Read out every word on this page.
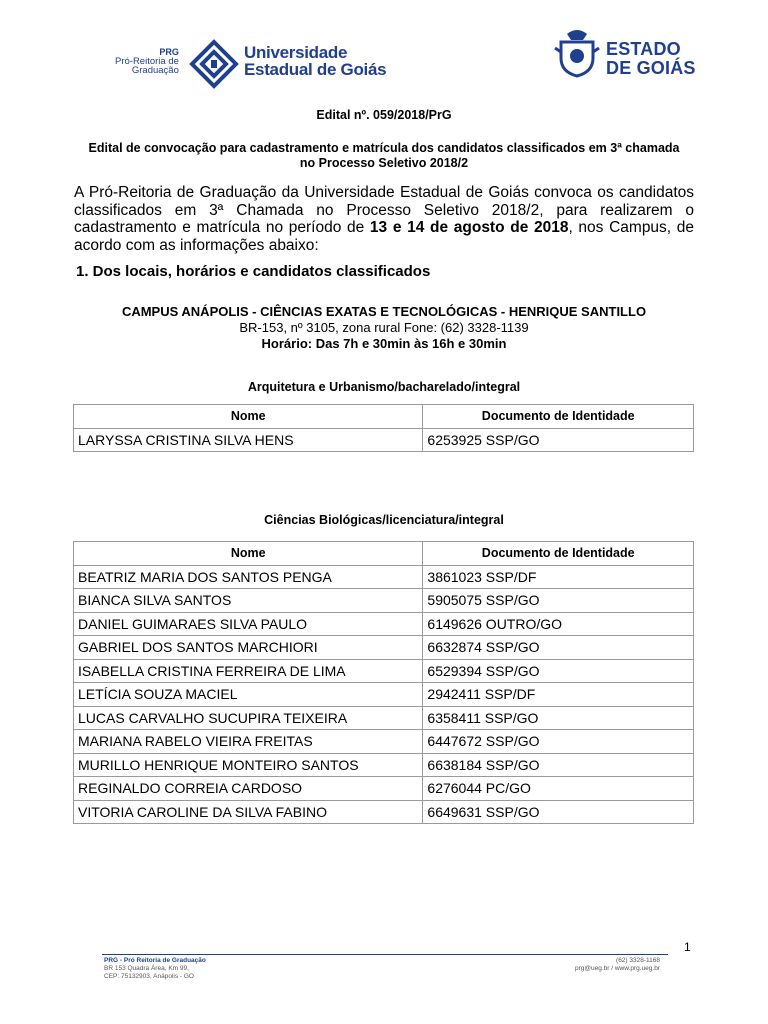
PRG
Pró-Reitoria de
Graduação
Universidade
Estadual de Goiás
ESTADO
DE GOIÁS
Edital nº. 059/2018/PrG
Edital de convocação para cadastramento e matrícula dos candidatos classificados em 3ª chamada
no Processo Seletivo 2018/2
A Pró-Reitoria de Graduação da Universidade Estadual de Goiás convoca os candidatos classificados em 3ª Chamada no Processo Seletivo 2018/2, para realizarem o cadastramento e matrícula no período de 13 e 14 de agosto de 2018, nos Campus, de acordo com as informações abaixo:
1. Dos locais, horários e candidatos classificados
CAMPUS ANÁPOLIS - CIÊNCIAS EXATAS E TECNOLÓGICAS - HENRIQUE SANTILLO
BR-153, nº 3105, zona rural Fone: (62) 3328-1139
Horário: Das 7h e 30min às 16h e 30min
Arquitetura e Urbanismo/bacharelado/integral
Nome	Documento de Identidade
LARYSSA CRISTINA SILVA HENS	6253925 SSP/GO
Ciências Biológicas/licenciatura/integral
Nome	Documento de Identidade
BEATRIZ MARIA DOS SANTOS PENGA	3861023 SSP/DF
BIANCA SILVA SANTOS	5905075 SSP/GO
DANIEL GUIMARAES SILVA PAULO	6149626 OUTRO/GO
GABRIEL DOS SANTOS MARCHIORI	6632874 SSP/GO
ISABELLA CRISTINA FERREIRA DE LIMA	6529394 SSP/GO
LETÍCIA SOUZA MACIEL	2942411 SSP/DF
LUCAS CARVALHO SUCUPIRA TEIXEIRA	6358411 SSP/GO
MARIANA RABELO VIEIRA FREITAS	6447672 SSP/GO
MURILLO HENRIQUE MONTEIRO SANTOS	6638184 SSP/GO
REGINALDO CORREIA CARDOSO	6276044 PC/GO
VITORIA CAROLINE DA SILVA FABINO	6649631 SSP/GO
1
PRG - Pró Reitoria de Graduação
BR 153 Quadra Área, Km 99,
CEP: 75132903, Anápolis - GO
(62) 3328-1168
prg@ueg.br / www.prg.ueg.br
